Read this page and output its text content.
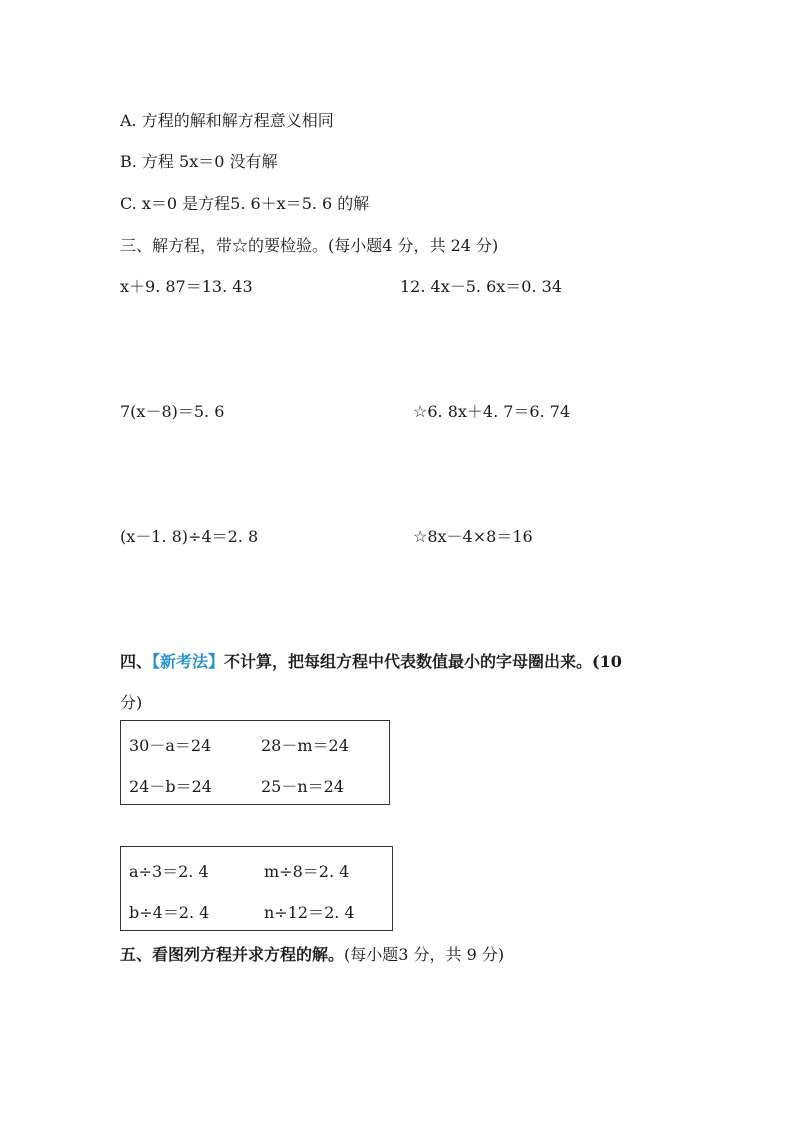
A. 方程的解和解方程意义相同
B. 方程 5x＝0 没有解
C. x＝0 是方程5. 6＋x＝5. 6 的解
三、解方程，带☆的要检验。(每小题4 分，共 24 分)
x＋9. 87＝13. 43	12. 4x－5. 6x＝0. 34
7(x－8)＝5. 6	☆6. 8x＋4. 7＝6. 74
(x－1. 8)÷4＝2. 8	☆8x－4×8＝16
四、【新考法】不计算，把每组方程中代表数值最小的字母圈出来。(10
分)
30－a＝24	28－m＝24
24－b＝24	25－n＝24
a÷3＝2. 4	m÷8＝2. 4
b÷4＝2. 4	n÷12＝2. 4
五、看图列方程并求方程的解。(每小题3 分，共 9 分)
